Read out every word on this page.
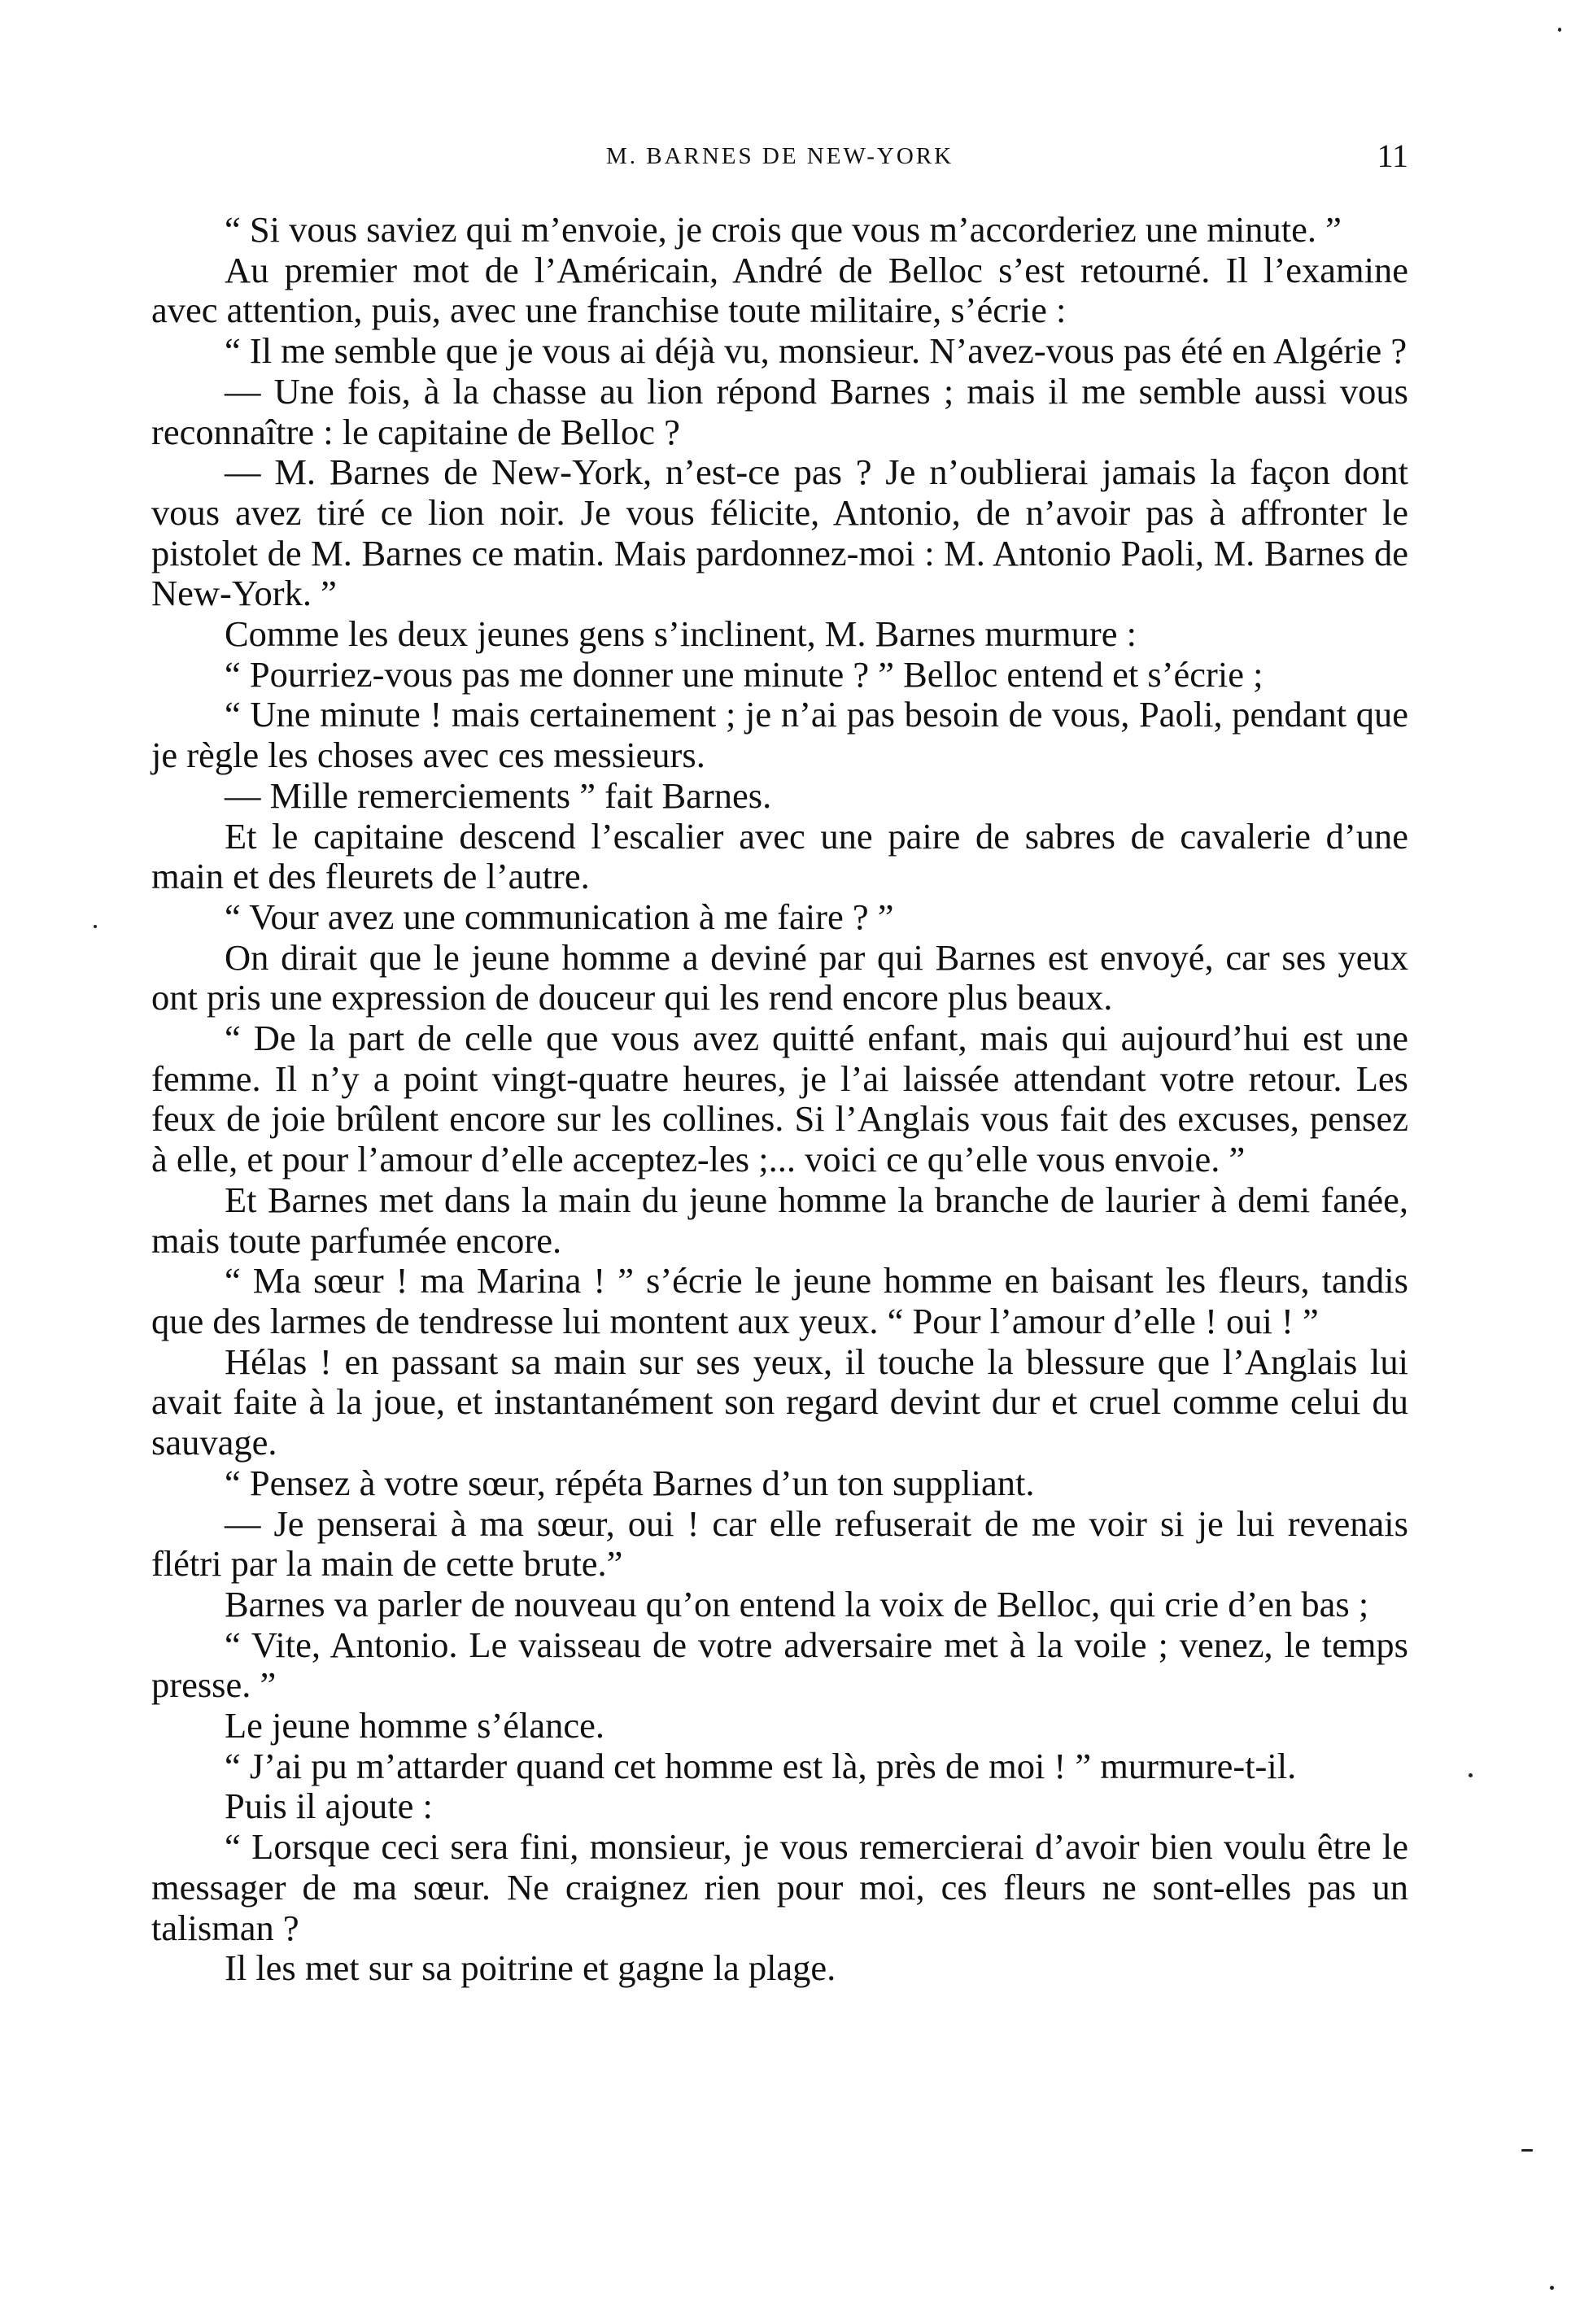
M. BARNES DE NEW-YORK	11

“ Si vous saviez qui m’envoie, je crois que vous m’accorderiez une minute. ”

Au premier mot de l’Américain, André de Belloc s’est retourné. Il l’examine avec attention, puis, avec une franchise toute militaire, s’écrie :

“ Il me semble que je vous ai déjà vu, monsieur. N’avez-vous pas été en Algérie ?

— Une fois, à la chasse au lion répond Barnes ; mais il me semble aussi vous reconnaître : le capitaine de Belloc ?

— M. Barnes de New-York, n’est-ce pas ? Je n’oublierai jamais la façon dont vous avez tiré ce lion noir. Je vous félicite, Antonio, de n’avoir pas à affronter le pistolet de M. Barnes ce matin. Mais pardonnez-moi : M. Antonio Paoli, M. Barnes de New-York. ”

Comme les deux jeunes gens s’inclinent, M. Barnes murmure :

“ Pourriez-vous pas me donner une minute ? ” Belloc entend et s’écrie ;

“ Une minute ! mais certainement ; je n’ai pas besoin de vous, Paoli, pendant que je règle les choses avec ces messieurs.

— Mille remerciements ” fait Barnes.

Et le capitaine descend l’escalier avec une paire de sabres de cavalerie d’une main et des fleurets de l’autre.

“ Vour avez une communication à me faire ? ”

On dirait que le jeune homme a deviné par qui Barnes est envoyé, car ses yeux ont pris une expression de douceur qui les rend encore plus beaux.

“ De la part de celle que vous avez quitté enfant, mais qui aujourd’hui est une femme. Il n’y a point vingt-quatre heures, je l’ai laissée attendant votre retour. Les feux de joie brûlent encore sur les collines. Si l’Anglais vous fait des excuses, pensez à elle, et pour l’amour d’elle acceptez-les ;... voici ce qu’elle vous envoie. ”

Et Barnes met dans la main du jeune homme la branche de laurier à demi fanée, mais toute parfumée encore.

“ Ma sœur ! ma Marina ! ” s’écrie le jeune homme en baisant les fleurs, tandis que des larmes de tendresse lui montent aux yeux. “ Pour l’amour d’elle ! oui ! ”

Hélas ! en passant sa main sur ses yeux, il touche la blessure que l’Anglais lui avait faite à la joue, et instantanément son regard devint dur et cruel comme celui du sauvage.

“ Pensez à votre sœur, répéta Barnes d’un ton suppliant.

— Je penserai à ma sœur, oui ! car elle refuserait de me voir si je lui revenais flétri par la main de cette brute.”

Barnes va parler de nouveau qu’on entend la voix de Belloc, qui crie d’en bas ;

“ Vite, Antonio. Le vaisseau de votre adversaire met à la voile ; venez, le temps presse. ”

Le jeune homme s’élance.

“ J’ai pu m’attarder quand cet homme est là, près de moi ! ” murmure-t-il.

Puis il ajoute :

“ Lorsque ceci sera fini, monsieur, je vous remercierai d’avoir bien voulu être le messager de ma sœur. Ne craignez rien pour moi, ces fleurs ne sont-elles pas un talisman ?

Il les met sur sa poitrine et gagne la plage.
